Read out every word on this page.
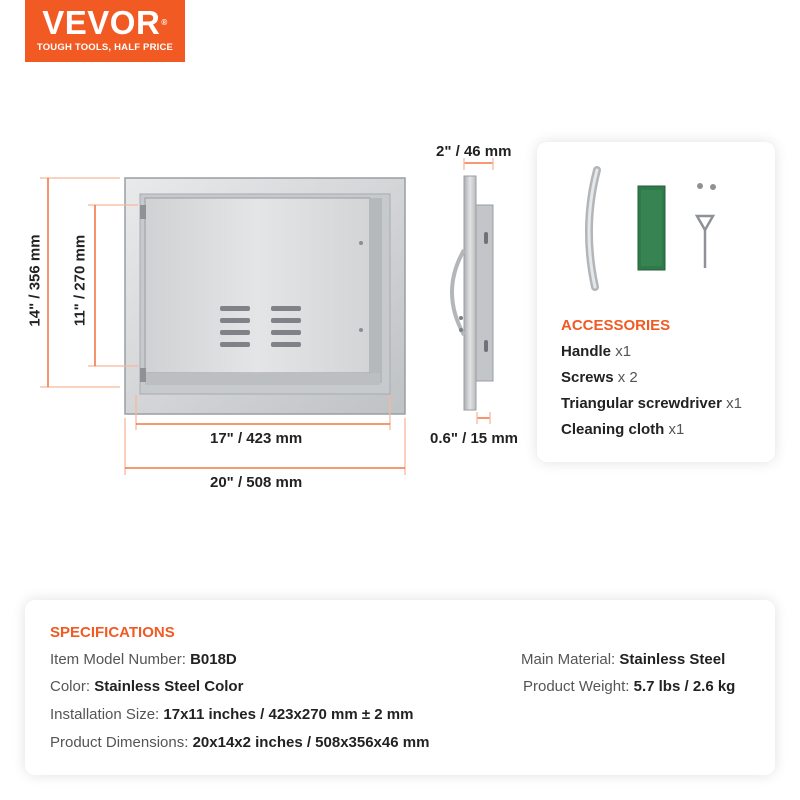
VEVOR®
TOUGH TOOLS, HALF PRICE
14" / 356 mm 11" / 270 mm
17" / 423 mm
20" / 508 mm
2" / 46 mm
0.6" / 15 mm
ACCESSORIES
Handle x1
Screws x 2
Triangular screwdriver x1
Cleaning cloth x1
SPECIFICATIONS
Item Model Number: B018D
Color: Stainless Steel Color
Installation Size: 17x11 inches / 423x270 mm ± 2 mm
Product Dimensions: 20x14x2 inches / 508x356x46 mm
Main Material: Stainless Steel
Product Weight: 5.7 lbs / 2.6 kg
